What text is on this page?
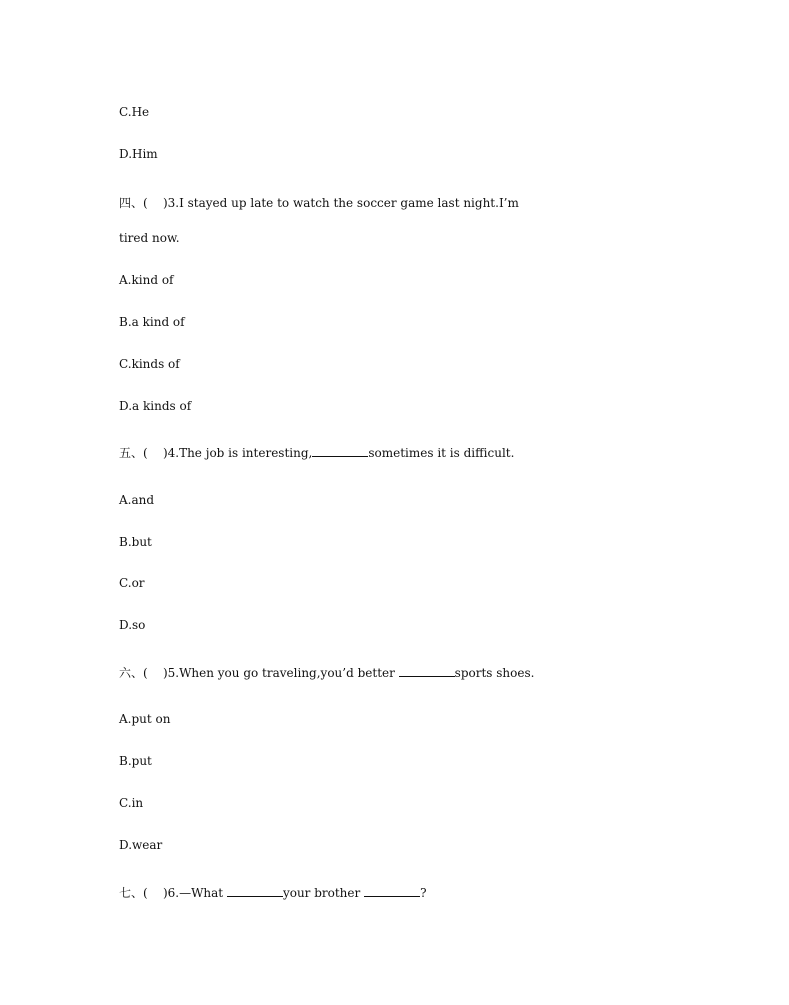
C.He
D.Him
四、(    )3.I stayed up late to watch the soccer game last night.I’m
tired now.
A.kind of
B.a kind of
C.kinds of
D.a kinds of
五、(    )4.The job is interesting,	sometimes it is difficult.
A.and
B.but
C.or
D.so
六、(    )5.When you go traveling,you’d better	sports shoes.
A.put on
B.put
C.in
D.wear
七、(    )6.—What	your brother	?
